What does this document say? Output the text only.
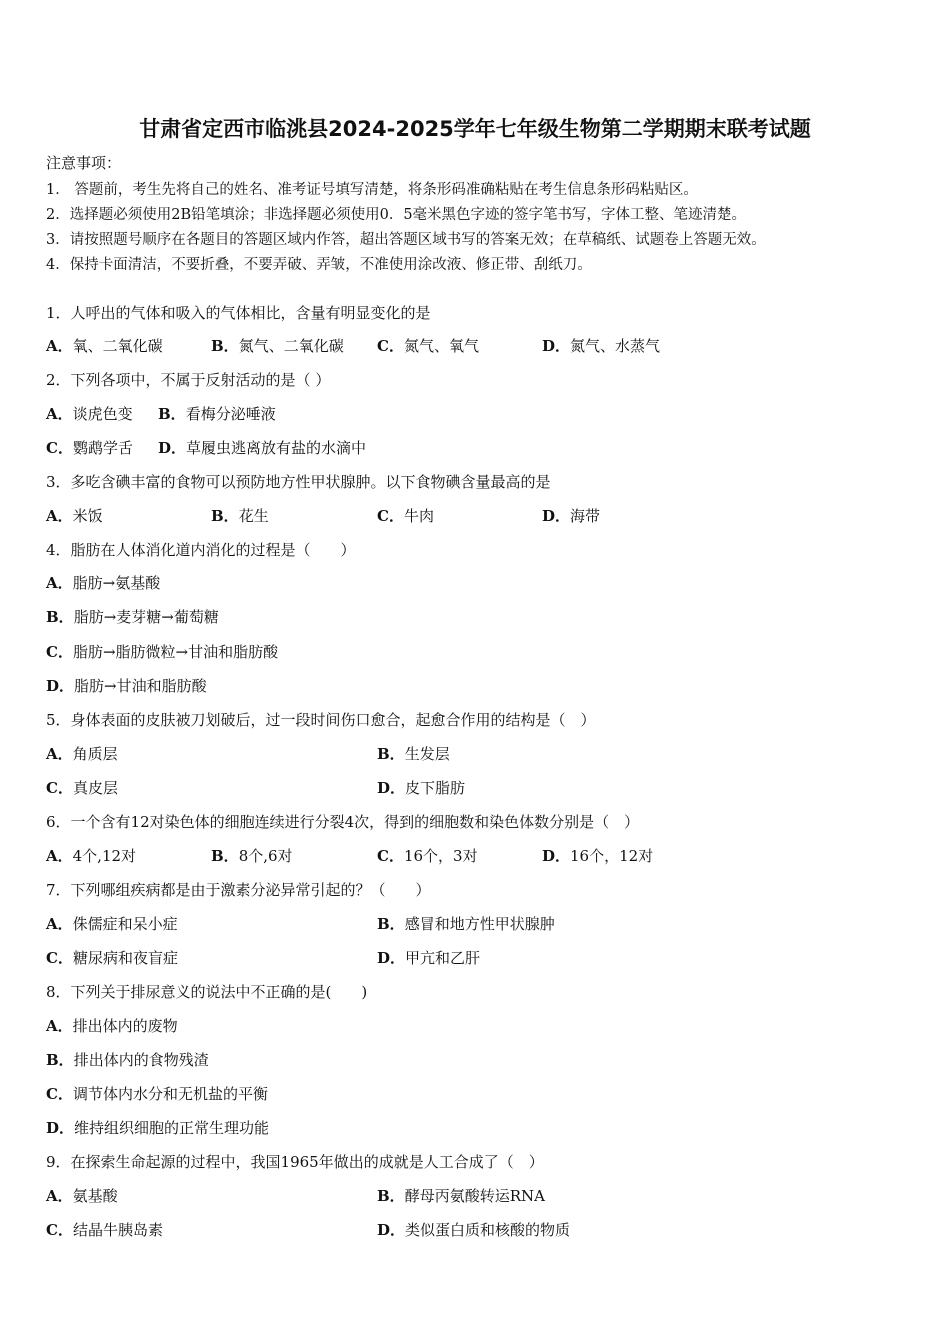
甘肃省定西市临洮县2024-2025学年七年级生物第二学期期末联考试题
注意事项：
1． 答题前，考生先将自己的姓名、准考证号填写清楚，将条形码准确粘贴在考生信息条形码粘贴区。
2．选择题必须使用2B铅笔填涂；非选择题必须使用0．5毫米黑色字迹的签字笔书写，字体工整、笔迹清楚。
3．请按照题号顺序在各题目的答题区域内作答，超出答题区域书写的答案无效；在草稿纸、试题卷上答题无效。
4．保持卡面清洁，不要折叠，不要弄破、弄皱，不准使用涂改液、修正带、刮纸刀。
1．人呼出的气体和吸入的气体相比，含量有明显变化的是
A．氧、二氧化碳	B．氮气、二氧化碳 C．氮气、氧气	D．氮气、水蒸气
2．下列各项中，不属于反射活动的是（ ）
A．谈虎色变 B．看梅分泌唾液
C．鹦鹉学舌 D．草履虫逃离放有盐的水滴中
3．多吃含碘丰富的食物可以预防地方性甲状腺肿。以下食物碘含量最高的是
A．米饭	B．花生	C．牛肉	D．海带
4．脂肪在人体消化道内消化的过程是（　　）
A．脂肪→氨基酸
B．脂肪→麦芽糖→葡萄糖
C．脂肪→脂肪微粒→甘油和脂肪酸
D．脂肪→甘油和脂肪酸
5．身体表面的皮肤被刀划破后，过一段时间伤口愈合，起愈合作用的结构是（　）
A．角质层	B．生发层
C．真皮层	D．皮下脂肪
6．一个含有12对染色体的细胞连续进行分裂4次，得到的细胞数和染色体数分别是（　）
A．4个,12对	B．8个,6对	C．16个，3对	D．16个，12对
7．下列哪组疾病都是由于激素分泌异常引起的？（　　）
A．侏儒症和呆小症	B．感冒和地方性甲状腺肿
C．糖尿病和夜盲症	D．甲亢和乙肝
8．下列关于排尿意义的说法中不正确的是(　　)
A．排出体内的废物
B．排出体内的食物残渣
C．调节体内水分和无机盐的平衡
D．维持组织细胞的正常生理功能
9．在探索生命起源的过程中，我国1965年做出的成就是人工合成了（　）
A．氨基酸	B．酵母丙氨酸转运RNA
C．结晶牛胰岛素	D．类似蛋白质和核酸的物质
